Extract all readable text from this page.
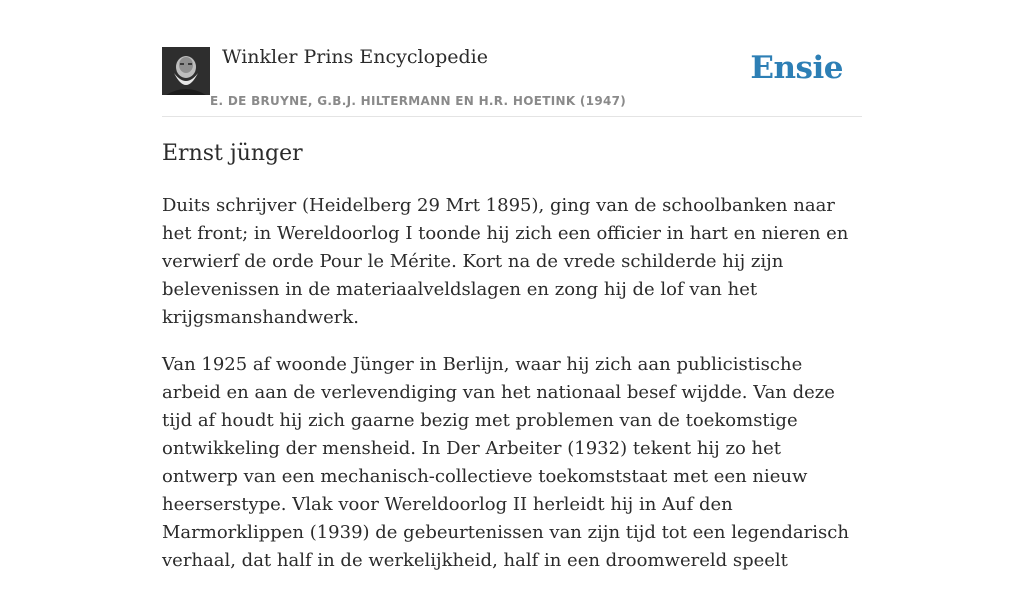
Winkler Prins Encyclopedie
E. DE BRUYNE, G.B.J. HILTERMANN EN H.R. HOETINK (1947)
Ensie
Ernst jünger

Duits schrijver (Heidelberg 29 Mrt 1895), ging van de schoolbanken naar het front; in Wereldoorlog I toonde hij zich een officier in hart en nieren en verwierf de orde Pour le Mérite. Kort na de vrede schilderde hij zijn belevenissen in de materiaalveldslagen en zong hij de lof van het krijgsmanshandwerk.

Van 1925 af woonde Jünger in Berlijn, waar hij zich aan publicistische arbeid en aan de verlevendiging van het nationaal besef wijdde. Van deze tijd af houdt hij zich gaarne bezig met problemen van de toekomstige ontwikkeling der mensheid. In Der Arbeiter (1932) tekent hij zo het ontwerp van een mechanisch-collectieve toekomststaat met een nieuw heerserstype. Vlak voor Wereldoorlog II herleidt hij in Auf den Marmorklippen (1939) de gebeurtenissen van zijn tijd tot een legendarisch verhaal, dat half in de werkelijkheid, half in een droomwereld speelt
